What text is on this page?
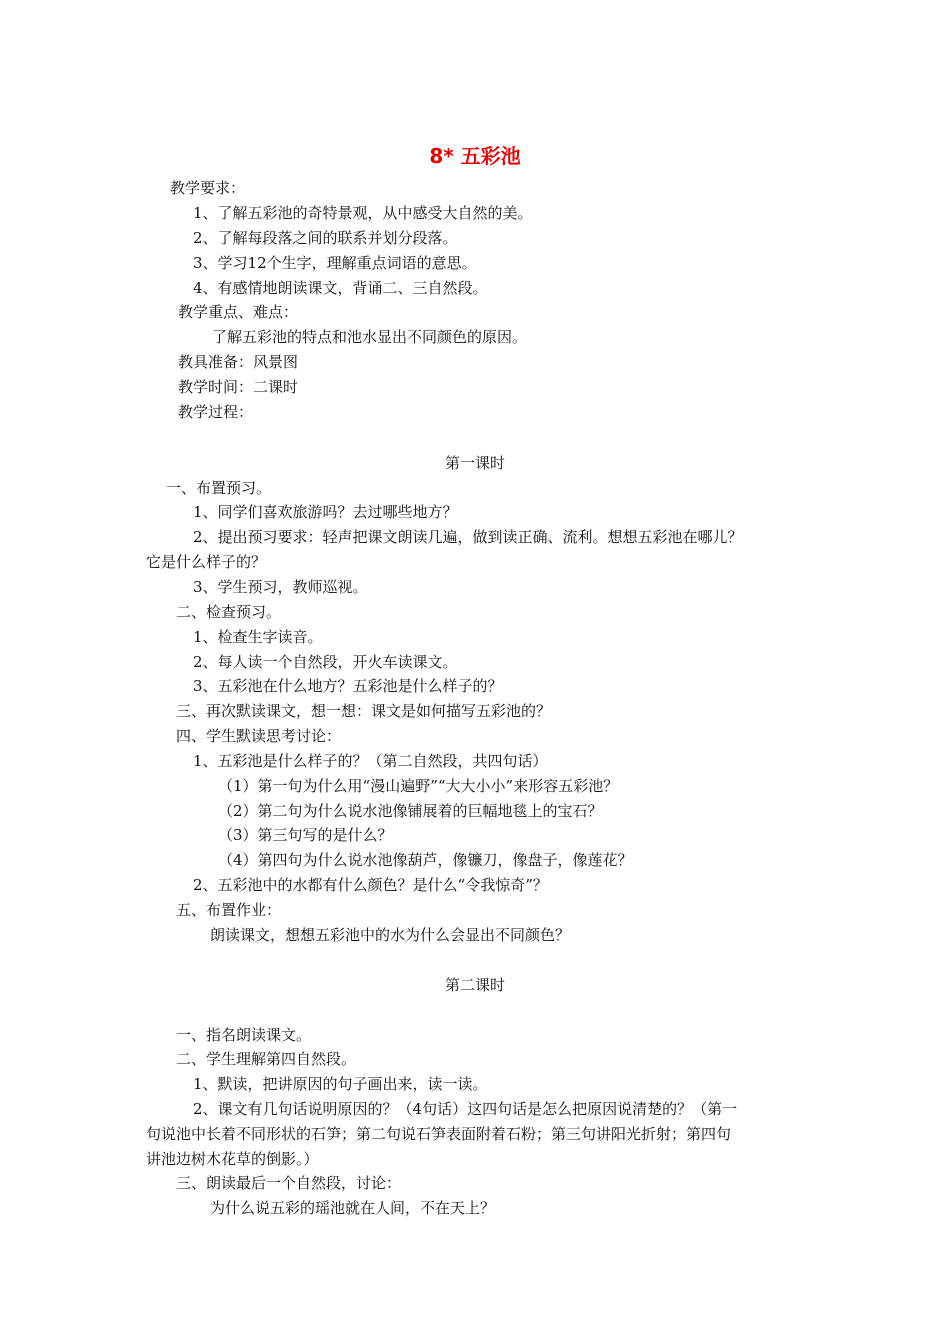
8* 五彩池
教学要求：
1、了解五彩池的奇特景观，从中感受大自然的美。
2、了解每段落之间的联系并划分段落。
3、学习12个生字，理解重点词语的意思。
4、有感情地朗读课文，背诵二、三自然段。
教学重点、难点：
了解五彩池的特点和池水显出不同颜色的原因。
教具准备：风景图
教学时间：二课时
教学过程：
第一课时
一、布置预习。
1、同学们喜欢旅游吗？去过哪些地方？
2、提出预习要求：轻声把课文朗读几遍，做到读正确、流利。想想五彩池在哪儿？
它是什么样子的？
3、学生预习，教师巡视。
二、检查预习。
1、检查生字读音。
2、每人读一个自然段，开火车读课文。
3、五彩池在什么地方？五彩池是什么样子的？
三、再次默读课文，想一想：课文是如何描写五彩池的？
四、学生默读思考讨论：
1、五彩池是什么样子的？（第二自然段，共四句话）
（1）第一句为什么用“漫山遍野”“大大小小”来形容五彩池？
（2）第二句为什么说水池像铺展着的巨幅地毯上的宝石？
（3）第三句写的是什么？
（4）第四句为什么说水池像葫芦，像镰刀，像盘子，像莲花？
2、五彩池中的水都有什么颜色？是什么“令我惊奇”？
五、布置作业：
朗读课文，想想五彩池中的水为什么会显出不同颜色？
第二课时
一、指名朗读课文。
二、学生理解第四自然段。
1、默读，把讲原因的句子画出来，读一读。
2、课文有几句话说明原因的？（4句话）这四句话是怎么把原因说清楚的？（第一
句说池中长着不同形状的石笋；第二句说石笋表面附着石粉；第三句讲阳光折射；第四句
讲池边树木花草的倒影。）
三、朗读最后一个自然段，讨论：
为什么说五彩的瑶池就在人间，不在天上？
